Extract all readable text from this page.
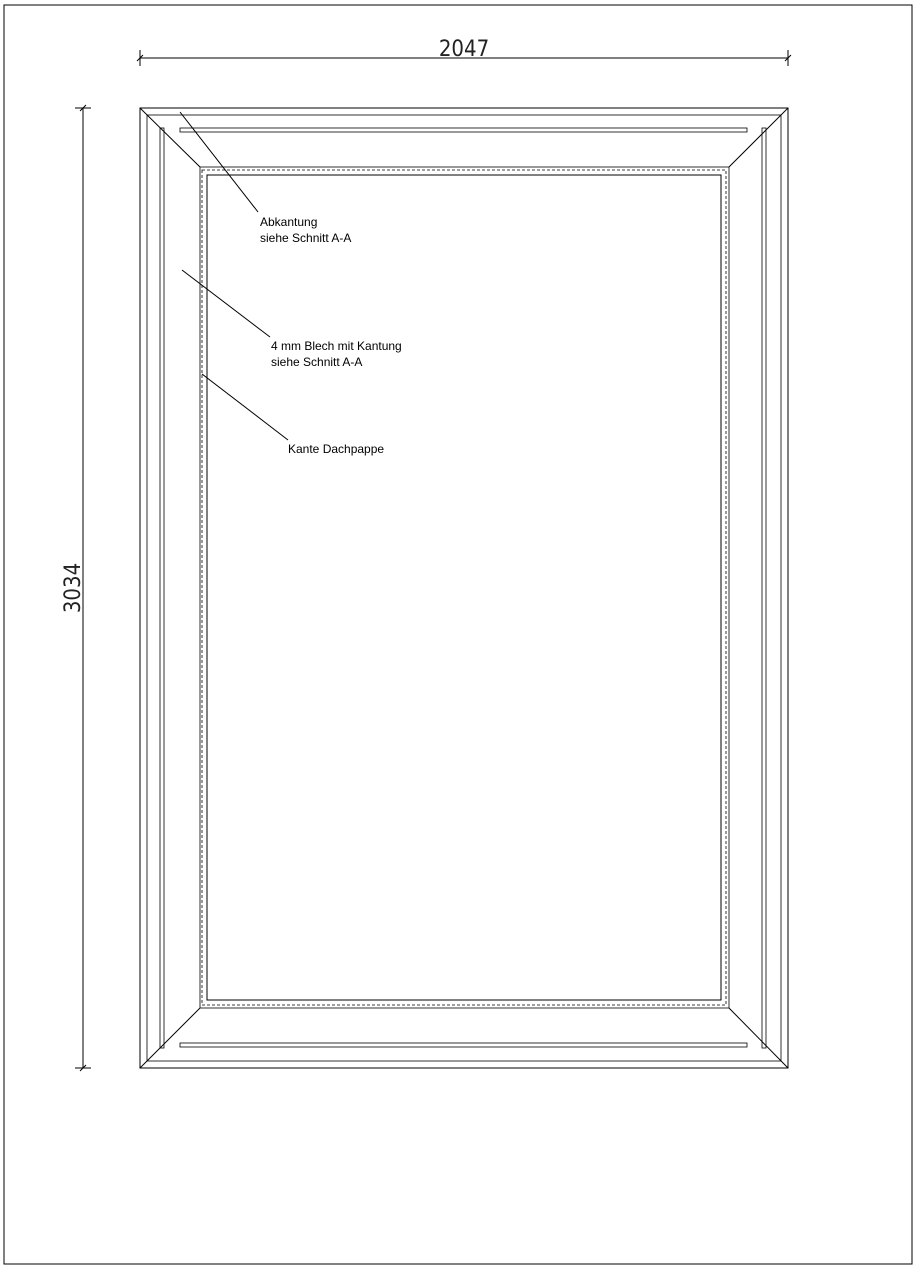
2047
3034
Abkantung
siehe Schnitt A-A
4 mm Blech mit Kantung
siehe Schnitt A-A
Kante Dachpappe
